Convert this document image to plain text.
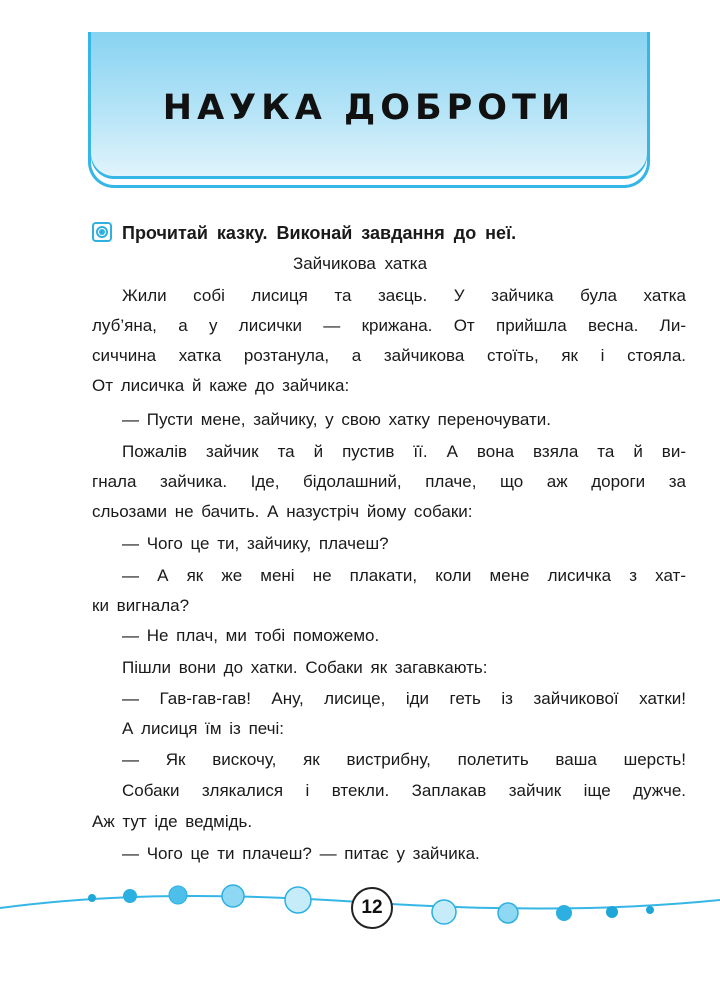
НАУКА ДОБРОТИ
Прочитай казку. Виконай завдання до неї.
Зайчикова хатка
Жили собі лисиця та заєць. У зайчика була хатка
луб’яна, а у лисички — крижана. От прийшла весна. Ли-
сиччина хатка розтанула, а зайчикова стоїть, як і стояла.
От лисичка й каже до зайчика:
— Пусти мене, зайчику, у свою хатку переночувати.
Пожалів зайчик та й пустив її. А вона взяла та й ви-
гнала зайчика. Іде, бідолашний, плаче, що аж дороги за
сльозами не бачить. А назустріч йому собаки:
— Чого це ти, зайчику, плачеш?
— А як же мені не плакати, коли мене лисичка з хат-
ки вигнала?
— Не плач, ми тобі поможемо.
Пішли вони до хатки. Собаки як загавкають:
— Гав-гав-гав! Ану, лисице, іди геть із зайчикової хатки!
А лисиця їм із печі:
— Як вискочу, як вистрибну, полетить ваша шерсть!
Собаки злякалися і втекли. Заплакав зайчик іще дужче.
Аж тут іде ведмідь.
— Чого це ти плачеш? — питає у зайчика.
12
